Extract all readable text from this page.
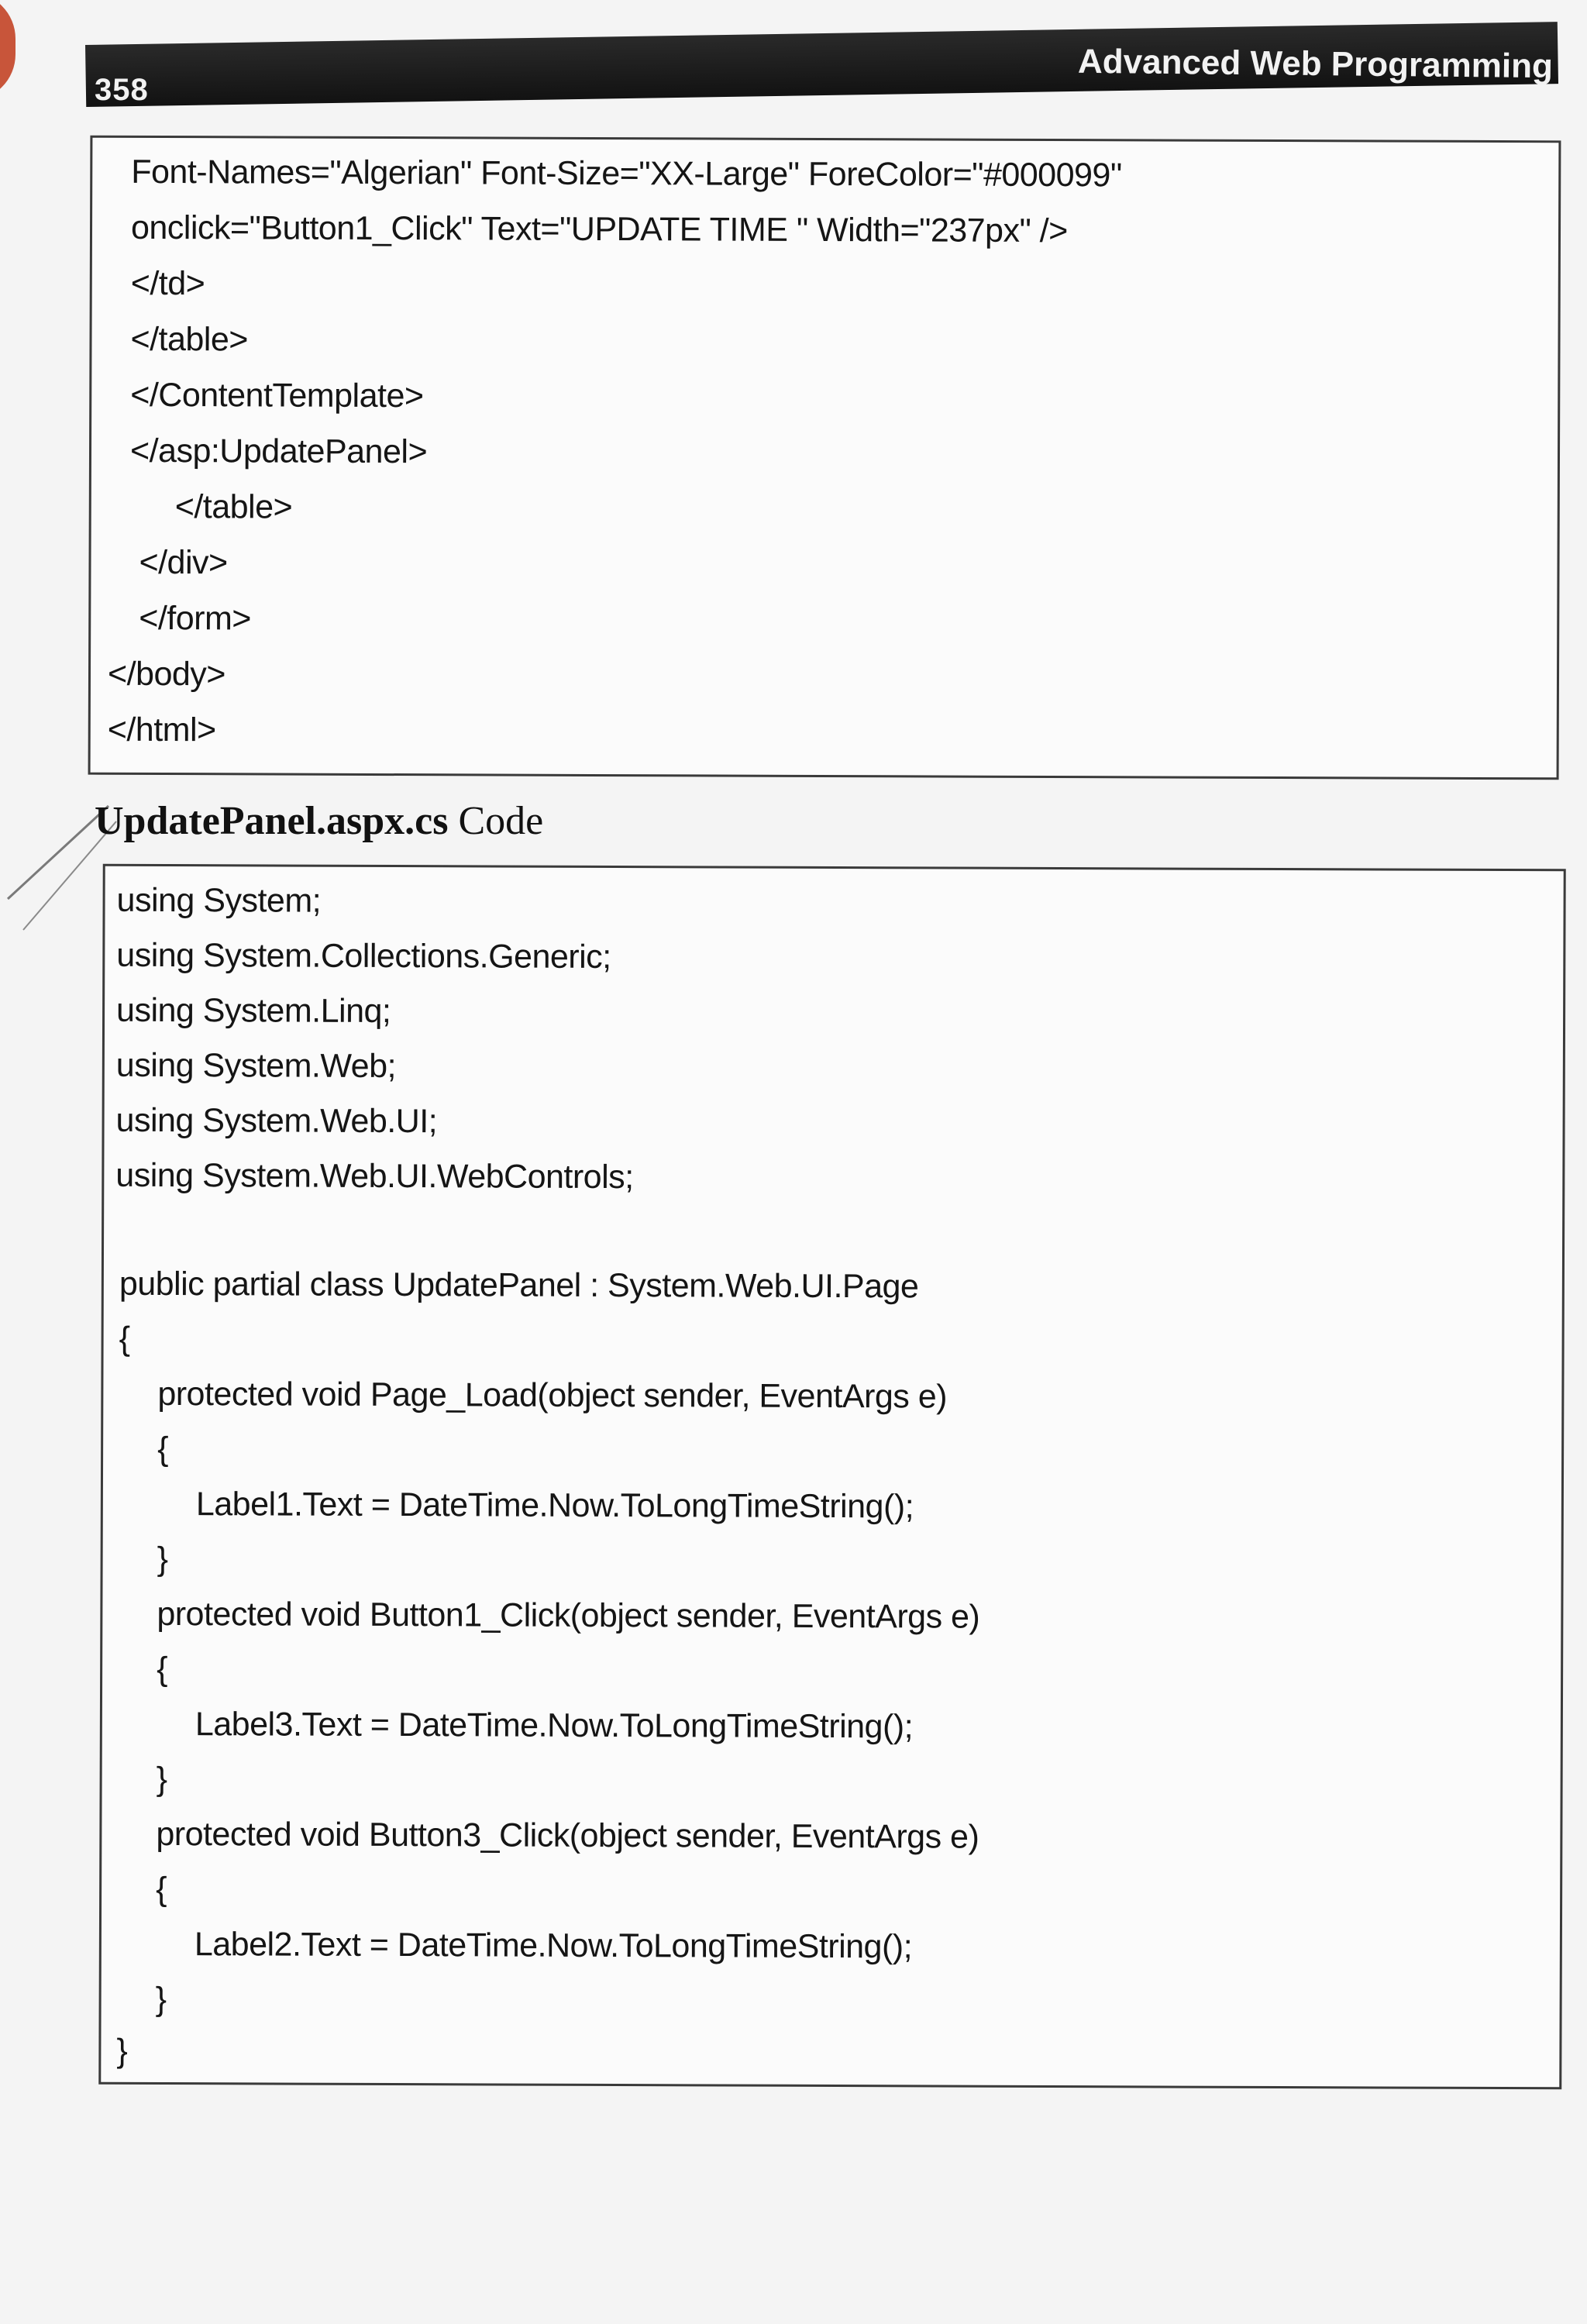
358
Advanced Web Programming
Font-Names="Algerian" Font-Size="XX-Large" ForeColor="#000099"
onclick="Button1_Click" Text="UPDATE TIME " Width="237px" />
</td>
</table>
</ContentTemplate>
</asp:UpdatePanel>
</table>
</div>
</form>
</body>
</html>
UpdatePanel.aspx.cs Code
using System;
using System.Collections.Generic;
using System.Linq;
using System.Web;
using System.Web.UI;
using System.Web.UI.WebControls;
public partial class UpdatePanel : System.Web.UI.Page
{
protected void Page_Load(object sender, EventArgs e)
{
Label1.Text = DateTime.Now.ToLongTimeString();
}
protected void Button1_Click(object sender, EventArgs e)
{
Label3.Text = DateTime.Now.ToLongTimeString();
}
protected void Button3_Click(object sender, EventArgs e)
{
Label2.Text = DateTime.Now.ToLongTimeString();
}
}
